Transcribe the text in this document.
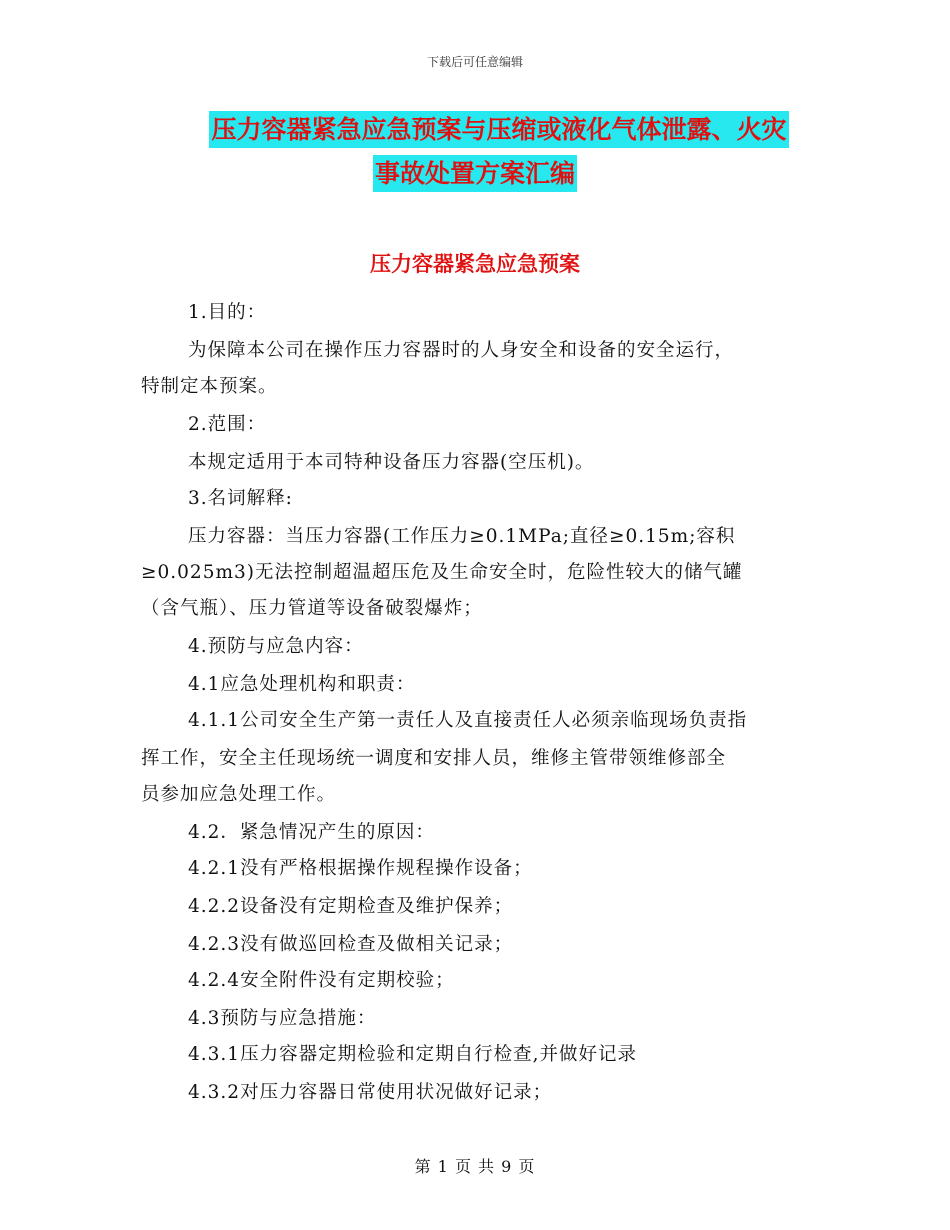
下载后可任意编辑
压力容器紧急应急预案与压缩或液化气体泄露、火灾
事故处置方案汇编
压力容器紧急应急预案
1.目的：
为保障本公司在操作压力容器时的人身安全和设备的安全运行，
特制定本预案。
2.范围：
本规定适用于本司特种设备压力容器(空压机)。
3.名词解释:
压力容器：当压力容器(工作压力≥0.1MPa;直径≥0.15m;容积
≥0.025m3)无法控制超温超压危及生命安全时，危险性较大的储气罐
（含气瓶）、压力管道等设备破裂爆炸；
4.预防与应急内容：
4.1应急处理机构和职责：
4.1.1公司安全生产第一责任人及直接责任人必须亲临现场负责指
挥工作，安全主任现场统一调度和安排人员，维修主管带领维修部全
员参加应急处理工作。
4.2．紧急情况产生的原因：
4.2.1没有严格根据操作规程操作设备；
4.2.2设备没有定期检查及维护保养；
4.2.3没有做巡回检查及做相关记录；
4.2.4安全附件没有定期校验；
4.3预防与应急措施：
4.3.1压力容器定期检验和定期自行检查,并做好记录
4.3.2对压力容器日常使用状况做好记录；
第 1 页 共 9 页
